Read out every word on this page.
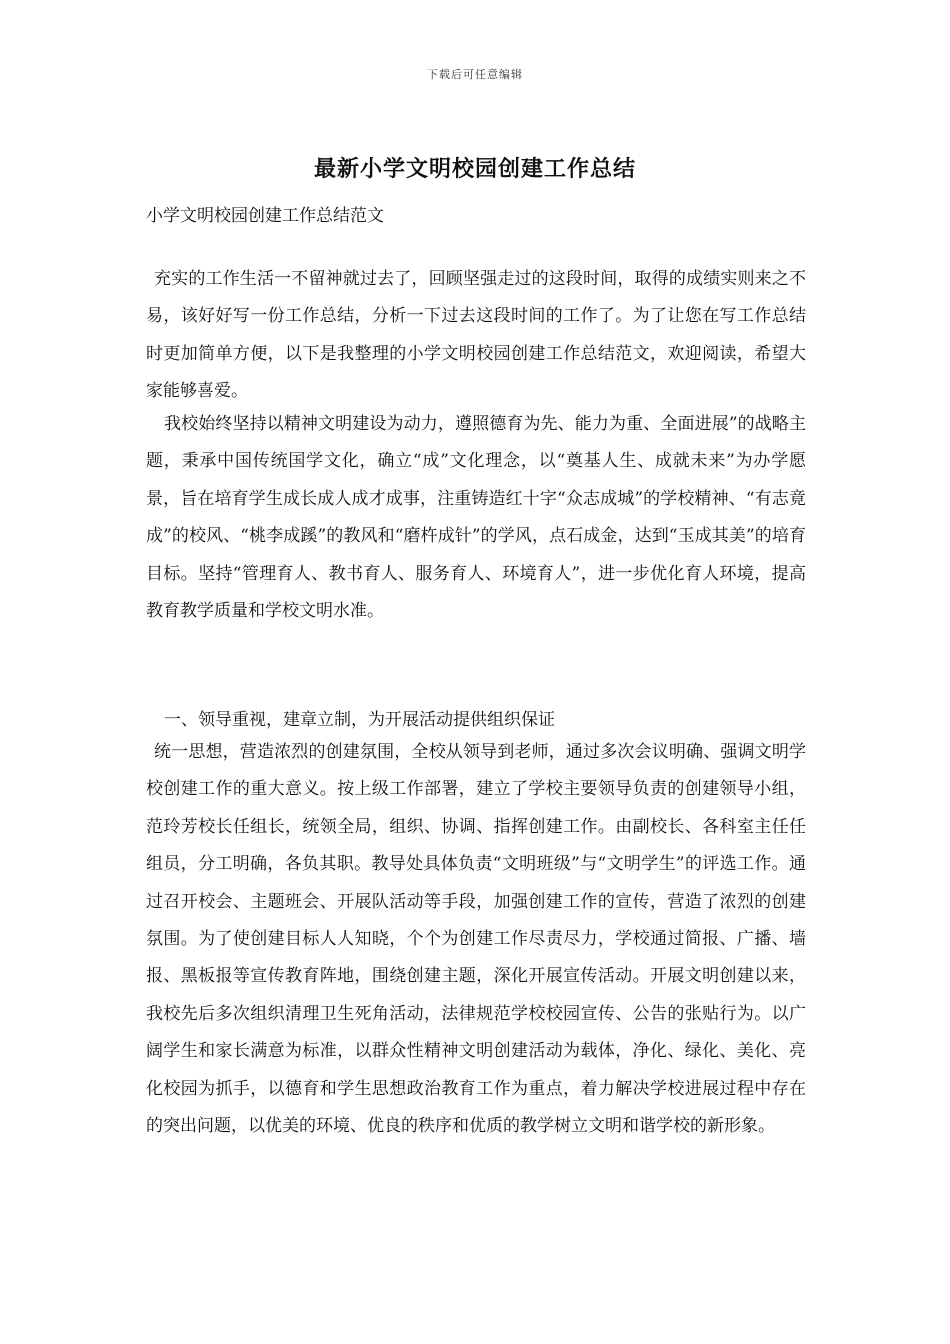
下载后可任意编辑
最新小学文明校园创建工作总结
小学文明校园创建工作总结范文

充实的工作生活一不留神就过去了，回顾坚强走过的这段时间，取得的成绩实则来之不易，该好好写一份工作总结，分析一下过去这段时间的工作了。为了让您在写工作总结时更加简单方便，以下是我整理的小学文明校园创建工作总结范文，欢迎阅读，希望大家能够喜爱。

我校始终坚持以精神文明建设为动力，遵照德育为先、能力为重、全面进展”的战略主题，秉承中国传统国学文化，确立“成”文化理念，以“奠基人生、成就未来”为办学愿景，旨在培育学生成长成人成才成事，注重铸造红十字“众志成城”的学校精神、“有志竟成”的校风、“桃李成蹊”的教风和“磨杵成针”的学风，点石成金，达到“玉成其美”的培育目标。坚持“管理育人、教书育人、服务育人、环境育人”，进一步优化育人环境，提高教育教学质量和学校文明水准。

一、领导重视，建章立制，为开展活动提供组织保证

统一思想，营造浓烈的创建氛围，全校从领导到老师，通过多次会议明确、强调文明学校创建工作的重大意义。按上级工作部署，建立了学校主要领导负责的创建领导小组，范玲芳校长任组长，统领全局，组织、协调、指挥创建工作。由副校长、各科室主任任组员，分工明确，各负其职。教导处具体负责“文明班级”与“文明学生”的评选工作。通过召开校会、主题班会、开展队活动等手段，加强创建工作的宣传，营造了浓烈的创建氛围。为了使创建目标人人知晓，个个为创建工作尽责尽力，学校通过简报、广播、墙报、黑板报等宣传教育阵地，围绕创建主题，深化开展宣传活动。开展文明创建以来，我校先后多次组织清理卫生死角活动，法律规范学校校园宣传、公告的张贴行为。以广阔学生和家长满意为标准，以群众性精神文明创建活动为载体，净化、绿化、美化、亮化校园为抓手，以德育和学生思想政治教育工作为重点，着力解决学校进展过程中存在的突出问题，以优美的环境、优良的秩序和优质的教学树立文明和谐学校的新形象。
